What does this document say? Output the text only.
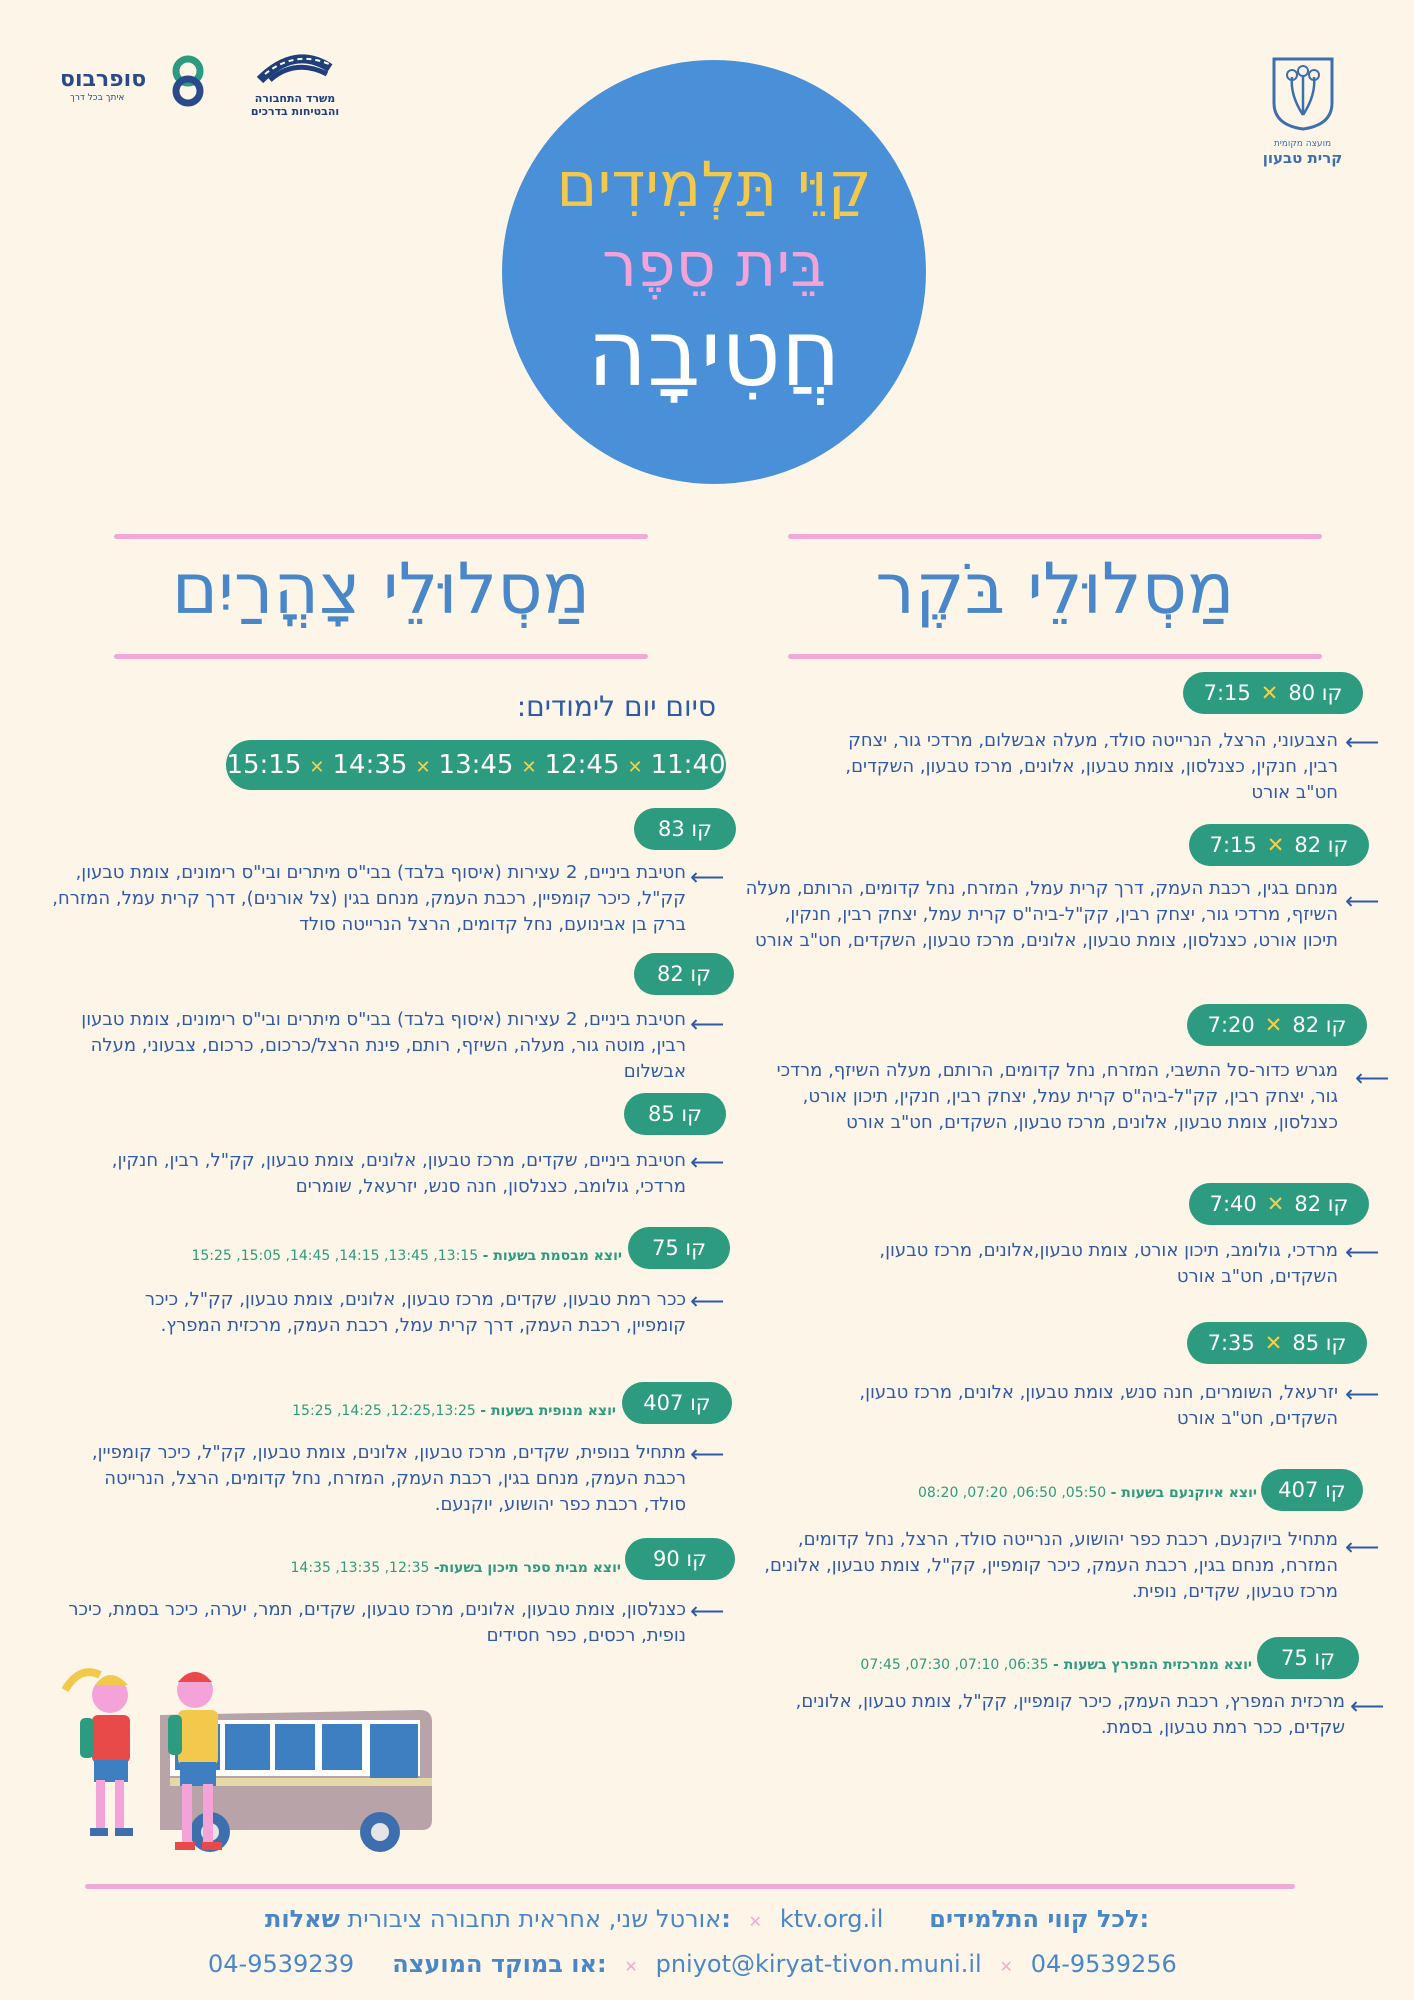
סופרבוס
איתך בכל דרך	משרד התחבורה
והבטיחות בדרכים
מועצה מקומית
קרית טבעון
קַוֵּי תַּלְמִידִים
בֵּית סֵפֶר
חֲטִיבָה
מַסְלוּלֵי בֹּקֶר
מַסְלוּלֵי צָהֳרַיִם
קו 80✕7:15
⟵
הצבעוני, הרצל, הנרייטה סולד, מעלה אבשלום, מרדכי גור, יצחק רבין, חנקין, כצנלסון, צומת טבעון, אלונים, מרכז טבעון, השקדים, חט"ב אורט
קו 82✕7:15
⟵
מנחם בגין, רכבת העמק, דרך קרית עמל, המזרח, נחל קדומים, הרותם, מעלה השיזף, מרדכי גור, יצחק רבין, קק"ל-ביה"ס קרית עמל, יצחק רבין, חנקין, תיכון אורט, כצנלסון, צומת טבעון, אלונים, מרכז טבעון, השקדים, חט"ב אורט
קו 82✕7:20
⟵
מגרש כדור-סל התשבי, המזרח, נחל קדומים, הרותם, מעלה השיזף, מרדכי גור, יצחק רבין, קק"ל-ביה"ס קרית עמל, יצחק רבין, חנקין, תיכון אורט, כצנלסון, צומת טבעון, אלונים, מרכז טבעון, השקדים, חט"ב אורט
קו 82✕7:40
⟵
מרדכי, גולומב, תיכון אורט, צומת טבעון,אלונים, מרכז טבעון, השקדים, חט"ב אורט
קו 85✕7:35
⟵
יזרעאל, השומרים, חנה סנש, צומת טבעון, אלונים, מרכז טבעון, השקדים, חט"ב אורט
קו 407
יוצא איוקנעם בשעות - 05:50, 06:50, 07:20, 08:20
⟵
מתחיל ביוקנעם, רכבת כפר יהושוע, הנרייטה סולד, הרצל, נחל קדומים, המזרח, מנחם בגין, רכבת העמק, כיכר קומפיין, קק"ל, צומת טבעון, אלונים, מרכז טבעון, שקדים, נופית.
קו 75
יוצא ממרכזית המפרץ בשעות - 06:35, 07:10, 07:30, 07:45
⟵
מרכזית המפרץ, רכבת העמק, כיכר קומפיין, קק"ל, צומת טבעון, אלונים, שקדים, ככר רמת טבעון, בסמת.
סיום יום לימודים:
15:15 ✕ 14:35 ✕ 13:45 ✕ 12:45 ✕ 11:40
קו 83
⟵
חטיבת ביניים, 2 עצירות (איסוף בלבד) בבי"ס מיתרים ובי"ס רימונים, צומת טבעון, קק"ל, כיכר קומפיין, רכבת העמק, מנחם בגין (צל אורנים), דרך קרית עמל, המזרח, ברק בן אבינועם, נחל קדומים, הרצל הנרייטה סולד
קו 82
⟵
חטיבת ביניים, 2 עצירות (איסוף בלבד) בבי"ס מיתרים ובי"ס רימונים, צומת טבעון רבין, מוטה גור, מעלה, השיזף, רותם, פינת הרצל/כרכום, כרכום, צבעוני, מעלה אבשלום
קו 85
⟵
חטיבת ביניים, שקדים, מרכז טבעון, אלונים, צומת טבעון, קק"ל, רבין, חנקין, מרדכי, גולומב, כצנלסון, חנה סנש, יזרעאל, שומרים
קו 75
יוצא מבסמת בשעות - 13:15, 13:45, 14:15, 14:45, 15:05, 15:25
⟵
ככר רמת טבעון, שקדים, מרכז טבעון, אלונים, צומת טבעון, קק"ל, כיכר קומפיין, רכבת העמק, דרך קרית עמל, רכבת העמק, מרכזית המפרץ.
קו 407
יוצא מנופית בשעות - 12:25,13:25, 14:25, 15:25
⟵
מתחיל בנופית, שקדים, מרכז טבעון, אלונים, צומת טבעון, קק"ל, כיכר קומפיין, רכבת העמק, מנחם בגין, רכבת העמק, המזרח, נחל קדומים, הרצל, הנרייטה סולד, רכבת כפר יהושוע, יוקנעם.
קו 90
יוצא מבית ספר תיכון בשעות- 12:35, 13:35, 14:35
⟵
כצנלסון, צומת טבעון, אלונים, מרכז טבעון, שקדים, תמר, יערה, כיכר בסמת, כיכר נופית, רכסים, כפר חסידים
אורטל שני, אחראית תחבורה ציבורית שאלות:   ✕   ktv.org.il לכל קווי התלמידים:
04-9539239 או במוקד המועצה:   ✕   pniyot@kiryat-tivon.muni.il   ✕   04-9539256
